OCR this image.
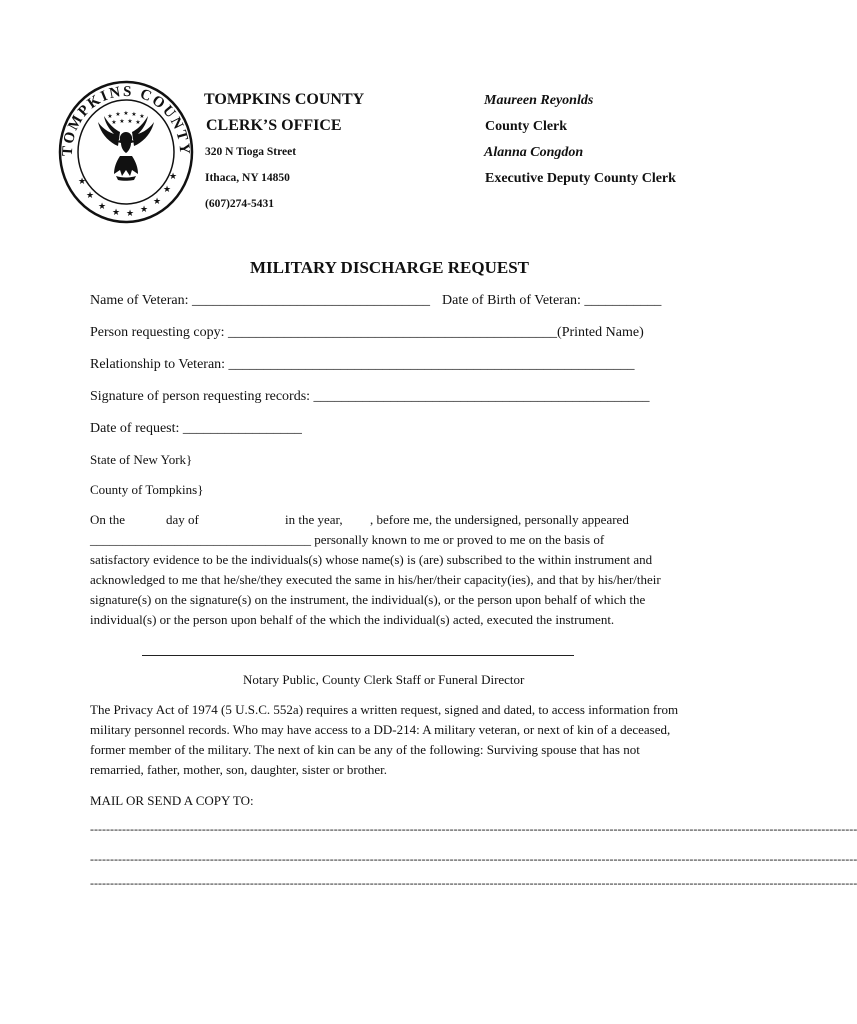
TOMPKINS COUNTY
★
★
★
★ ★ ★
★
★
★
★ ★ ★ ★ ★
★ ★ ★ ★
TOMPKINS COUNTY
CLERK’S OFFICE
320 N Tioga Street
Ithaca, NY 14850
(607)274-5431
Maureen Reyonlds
County Clerk
Alanna Congdon
Executive Deputy County Clerk
MILITARY DISCHARGE REQUEST
Name of Veteran: __________________________________ Date of Birth of Veteran: ___________
Person requesting copy: _______________________________________________(Printed Name)
Relationship to Veteran: __________________________________________________________
Signature of person requesting records: ________________________________________________
Date of request: _________________
State of New York}
County of Tompkins}
On the	day of	in the year, , before me, the undersigned, personally appeared
__________________________________ personally known to me or proved to me on the basis of
satisfactory evidence to be the individuals(s) whose name(s) is (are) subscribed to the within instrument and acknowledged to me that he/she/they executed the same in his/her/their capacity(ies), and that by his/her/their signature(s) on the signature(s) on the instrument, the individual(s), or the person upon behalf of which the individual(s) or the person upon behalf of the which the individual(s) acted, executed the instrument.
Notary Public, County Clerk Staff or Funeral Director
The Privacy Act of 1974 (5 U.S.C. 552a) requires a written request, signed and dated, to access information from military personnel records. Who may have access to a DD-214: A military veteran, or next of kin of a deceased, former member of the military. The next of kin can be any of the following: Surviving spouse that has not remarried, father, mother, son, daughter, sister or brother.
MAIL OR SEND A COPY TO:
------------------------------------------------------------------------------------------------------------------------------------------------------------------------------------------------
------------------------------------------------------------------------------------------------------------------------------------------------------------------------------------------------
------------------------------------------------------------------------------------------------------------------------------------------------------------------------------------------------
